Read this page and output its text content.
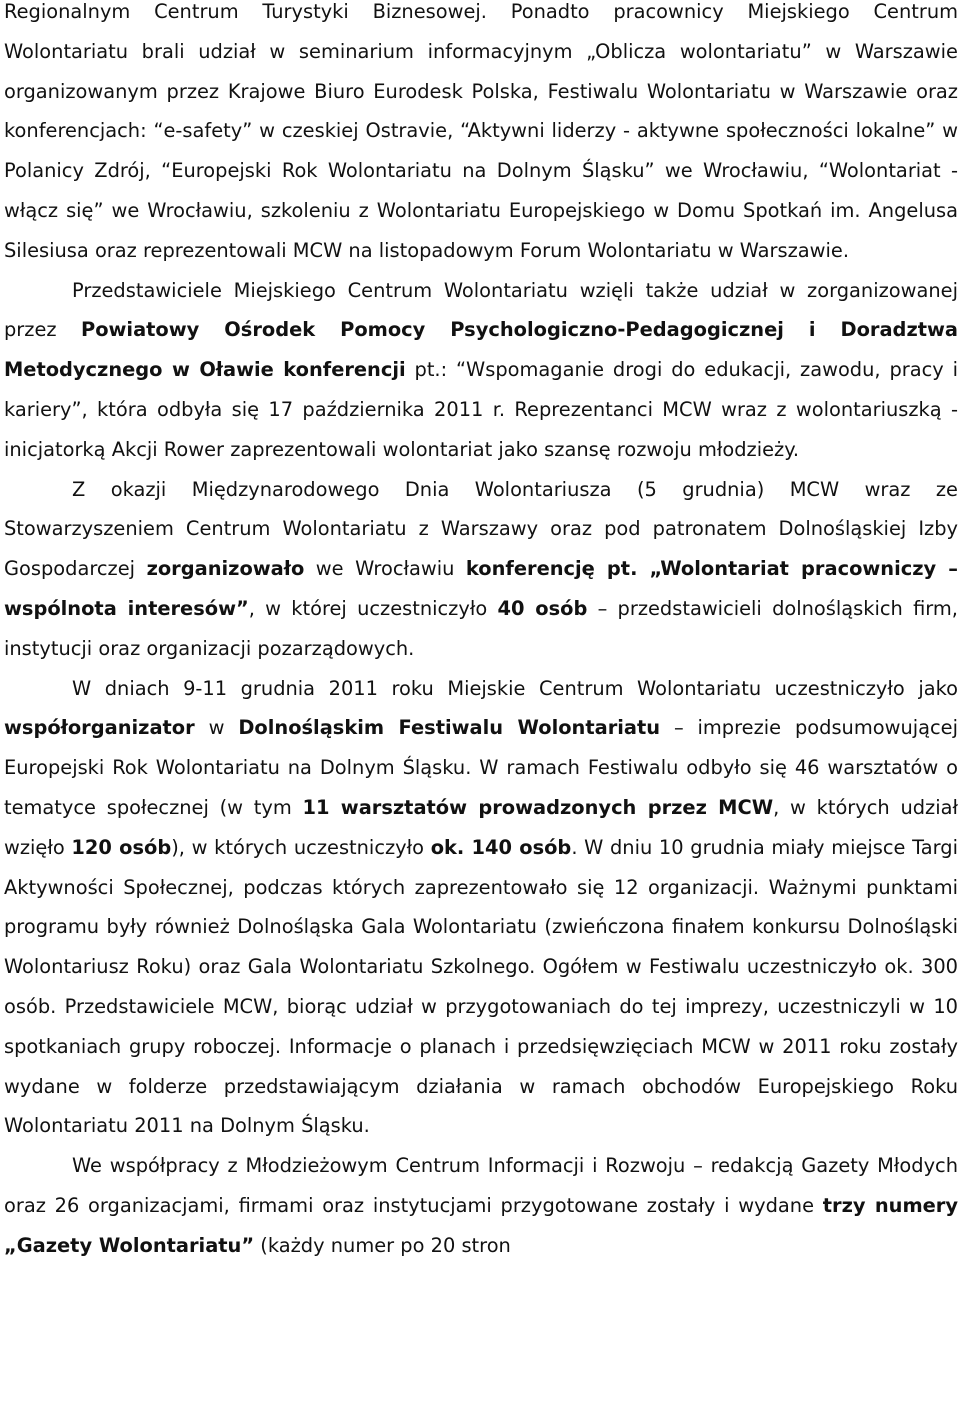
Regionalnym Centrum Turystyki Biznesowej. Ponadto pracownicy Miejskiego Centrum Wolontariatu brali udział w seminarium informacyjnym „Oblicza wolontariatu” w Warszawie organizowanym przez Krajowe Biuro Eurodesk Polska, Festiwalu Wolontariatu w Warszawie oraz konferencjach: “e-safety” w czeskiej Ostravie, “Aktywni liderzy - aktywne społeczności lokalne” w Polanicy Zdrój, “Europejski Rok Wolontariatu na Dolnym Śląsku” we Wrocławiu, “Wolontariat - włącz się” we Wrocławiu, szkoleniu z Wolontariatu Europejskiego w Domu Spotkań im. Angelusa Silesiusa oraz reprezentowali MCW na listopadowym Forum Wolontariatu w Warszawie.

Przedstawiciele Miejskiego Centrum Wolontariatu wzięli także udział w zorganizowanej przez Powiatowy Ośrodek Pomocy Psychologiczno-Pedagogicznej i Doradztwa Metodycznego w Oławie konferencji pt.: “Wspomaganie drogi do edukacji, zawodu, pracy i kariery”, która odbyła się 17 października 2011 r. Reprezentanci MCW wraz z wolontariuszką - inicjatorką Akcji Rower zaprezentowali wolontariat jako szansę rozwoju młodzieży.

Z okazji Międzynarodowego Dnia Wolontariusza (5 grudnia) MCW wraz ze Stowarzyszeniem Centrum Wolontariatu z Warszawy oraz pod patronatem Dolnośląskiej Izby Gospodarczej zorganizowało we Wrocławiu konferencję pt. „Wolontariat pracowniczy – wspólnota interesów”, w której uczestniczyło 40 osób – przedstawicieli dolnośląskich firm, instytucji oraz organizacji pozarządowych.

W dniach 9-11 grudnia 2011 roku Miejskie Centrum Wolontariatu uczestniczyło jako współorganizator w Dolnośląskim Festiwalu Wolontariatu – imprezie podsumowującej Europejski Rok Wolontariatu na Dolnym Śląsku. W ramach Festiwalu odbyło się 46 warsztatów o tematyce społecznej (w tym 11 warsztatów prowadzonych przez MCW, w których udział wzięło 120 osób), w których uczestniczyło ok. 140 osób. W dniu 10 grudnia miały miejsce Targi Aktywności Społecznej, podczas których zaprezentowało się 12 organizacji. Ważnymi punktami programu były również Dolnośląska Gala Wolontariatu (zwieńczona finałem konkursu Dolnośląski Wolontariusz Roku) oraz Gala Wolontariatu Szkolnego. Ogółem w Festiwalu uczestniczyło ok. 300 osób. Przedstawiciele MCW, biorąc udział w przygotowaniach do tej imprezy, uczestniczyli w 10 spotkaniach grupy roboczej. Informacje o planach i przedsięwzięciach MCW w 2011 roku zostały wydane w folderze przedstawiającym działania w ramach obchodów Europejskiego Roku Wolontariatu 2011 na Dolnym Śląsku.

We współpracy z Młodzieżowym Centrum Informacji i Rozwoju – redakcją Gazety Młodych oraz 26 organizacjami, firmami oraz instytucjami przygotowane zostały i wydane trzy numery „Gazety Wolontariatu” (każdy numer po 20 stron
